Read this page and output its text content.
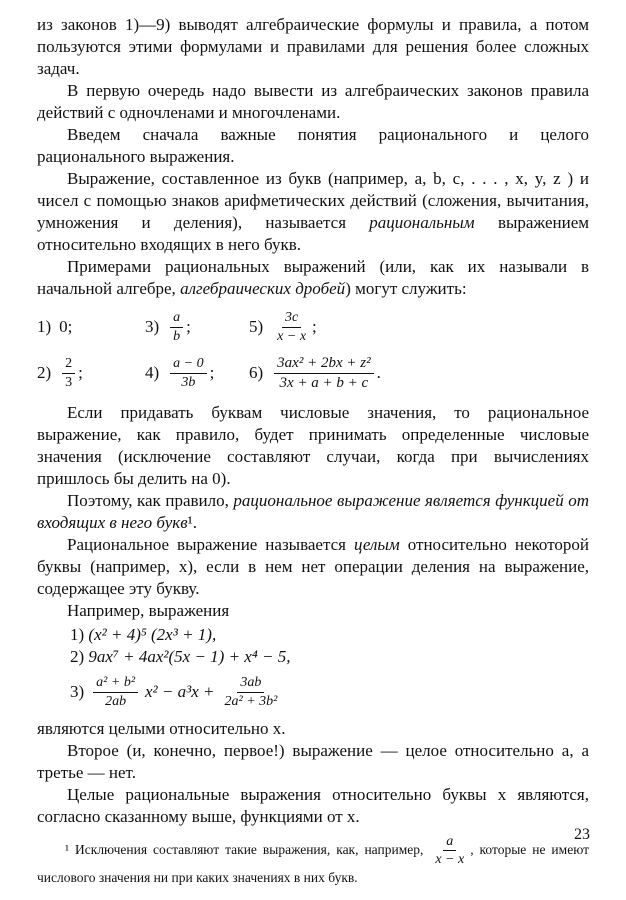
из законов 1)—9) выводят алгебраические формулы и правила, а потом пользуются этими формулами и правилами для решения более сложных задач.

В первую очередь надо вывести из алгебраических законов правила действий с одночленами и многочленами.

Введем сначала важные понятия рационального и целого рационального выражения.

Выражение, составленное из букв (например, a, b, c, . . . , x, y, z ) и чисел с помощью знаков арифметических действий (сложения, вычитания, умножения и деления), называется рациональным выражением относительно входящих в него букв.

Примерами рациональных выражений (или, как их называли в начальной алгебре, алгебраических дробей) могут служить:

1) 0;	$3) \frac{a}{b}$ ;	$5) \frac{3c}{x - x}$ ;
$2) \frac{2}{3}$ ;	$4) \frac{a - 0}{3b}$ ; $6) \frac{\text{3ax² + 2bx + z²}}{3x + a + b + c}$ .

Если придавать буквам числовые значения, то рациональное выражение, как правило, будет принимать определенные числовые значения (исключение составляют случаи, когда при вычислениях пришлось бы делить на 0).

Поэтому, как правило, рациональное выражение является функцией от входящих в него букв¹.

Рациональное выражение называется целым относительно некоторой буквы (например, x), если в нем нет операции деления на выражение, содержащее эту букву.

Например, выражения

1) (x² + 4)⁵ (2x³ + 1),
2) 9ax⁷ + 4ax²(5x − 1) + x⁴ − 5,
$3) \frac{\text{a² + b²}}{2ab} x^2 - a^3x + \frac{3ab}{\text{2a² + 3b²}}$

являются целыми относительно x.

Второе (и, конечно, первое!) выражение — целое относительно a, а третье — нет.

Целые рациональные выражения относительно буквы x являются, согласно сказанному выше, функциями от x.

¹ Исключения составляют такие выражения, как, например, $\frac{a}{x - x}$ , которые не имеют числового значения ни при каких значениях в них букв.
23
